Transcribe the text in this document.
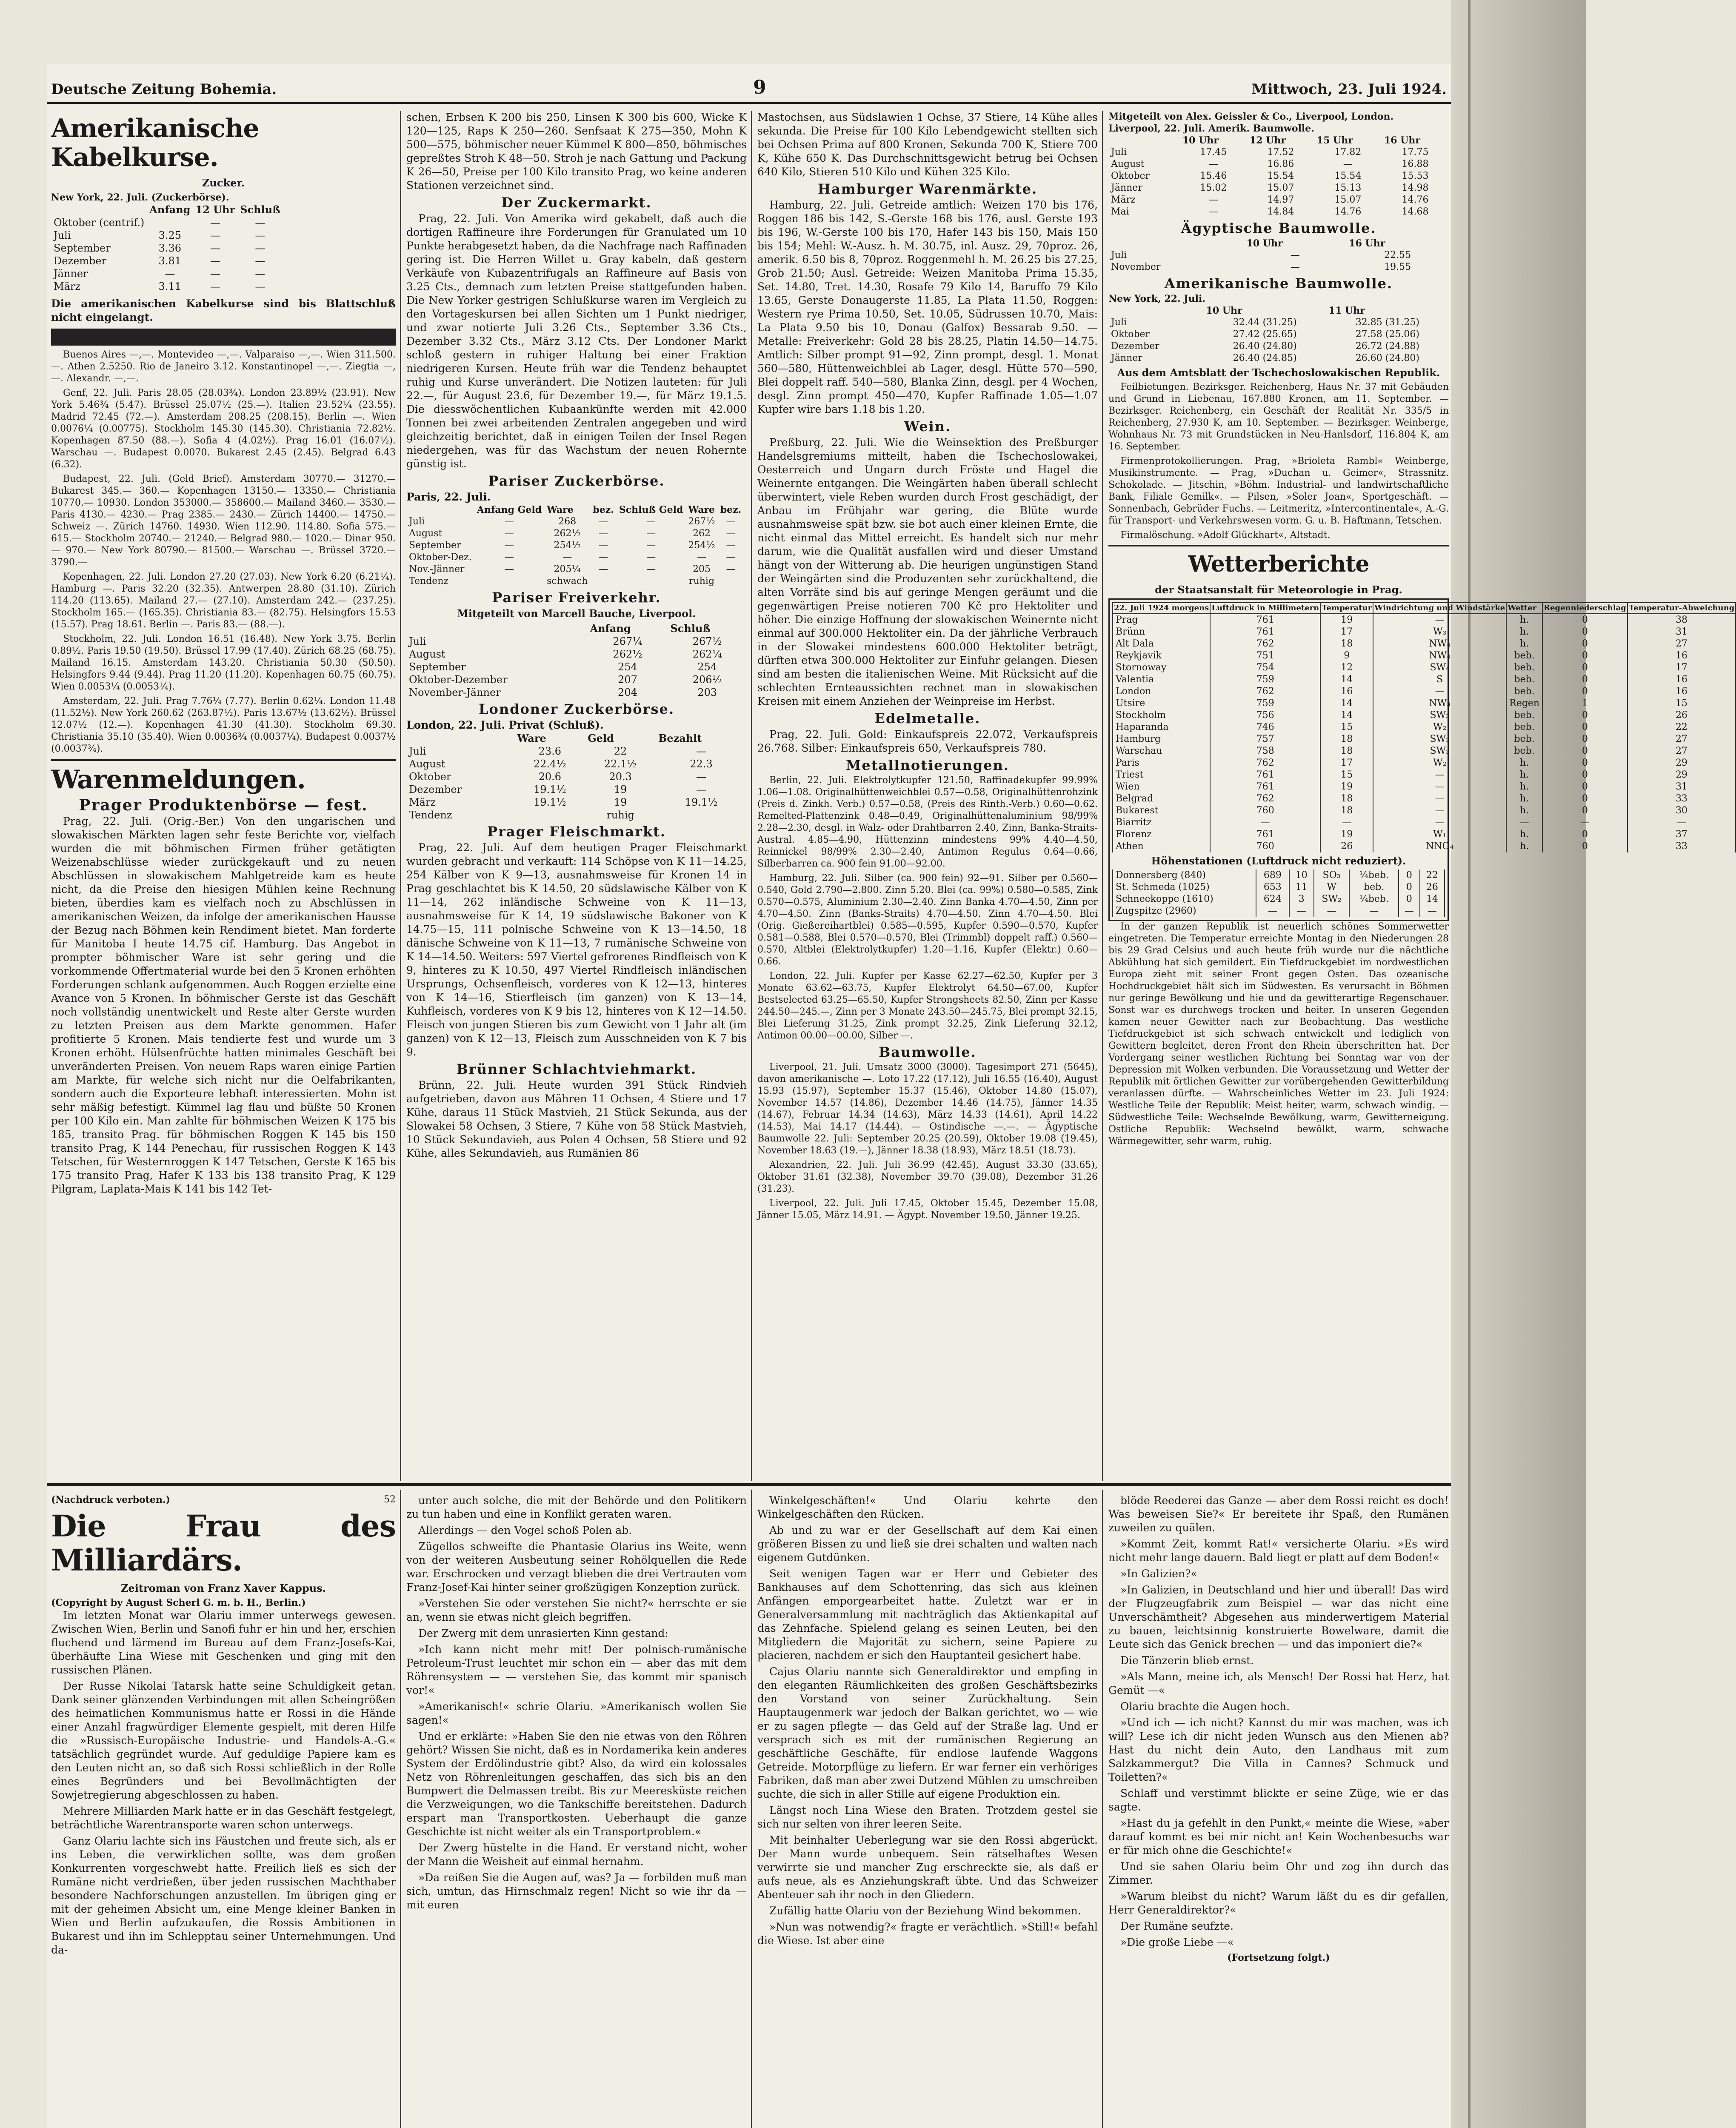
Deutsche Zeitung Bohemia.	9	Mittwoch, 23. Juli 1924.
Amerikanische Kabelkurse.
Zucker.
New York, 22. Juli. (Zuckerbörse).
	Anfang	12 Uhr	Schluß
Oktober (centrif.)		—	—
Juli	3.25	—	—
September	3.36	—	—
Dezember	3.81	—	—
Jänner	—	—	—
März	3.11	—	—
Die amerikanischen Kabelkurse sind bis Blattschluß nicht eingelangt.

Buenos Aires —,—. Montevideo —,—. Valparaiso —,—. Wien 311.500.—. Athen 2.5250. Rio de Janeiro 3.12. Konstantinopel —,—. Ziegtia —,—. Alexandr. —,—.

Genf, 22. Juli. Paris 28.05 (28.03¾). London 23.89½ (23.91). New York 5.46¾ (5.47). Brüssel 25.07½ (25.—). Italien 23.52¼ (23.55). Madrid 72.45 (72.—). Amsterdam 208.25 (208.15). Berlin —. Wien 0.0076¼ (0.00775). Stockholm 145.30 (145.30). Christiania 72.82½. Kopenhagen 87.50 (88.—). Sofia 4 (4.02½). Prag 16.01 (16.07½). Warschau —. Budapest 0.0070. Bukarest 2.45 (2.45). Belgrad 6.43 (6.32).

Budapest, 22. Juli. (Geld Brief). Amsterdam 30770.— 31270.— Bukarest 345.— 360.— Kopenhagen 13150.— 13350.— Christiania 10770.— 10930. London 353000.— 358600.— Mailand 3460.— 3530.— Paris 4130.— 4230.— Prag 2385.— 2430.— Zürich 14400.— 14750.— Schweiz —. Zürich 14760. 14930. Wien 112.90. 114.80. Sofia 575.— 615.— Stockholm 20740.— 21240.— Belgrad 980.— 1020.— Dinar 950.— 970.— New York 80790.— 81500.— Warschau —. Brüssel 3720.— 3790.—

Kopenhagen, 22. Juli. London 27.20 (27.03). New York 6.20 (6.21¼). Hamburg —. Paris 32.20 (32.35). Antwerpen 28.80 (31.10). Zürich 114.20 (113.65). Mailand 27.— (27.10). Amsterdam 242.— (237.25). Stockholm 165.— (165.35). Christiania 83.— (82.75). Helsingfors 15.53 (15.57). Prag 18.61. Berlin —. Paris 83.— (88.—).

Stockholm, 22. Juli. London 16.51 (16.48). New York 3.75. Berlin 0.89½. Paris 19.50 (19.50). Brüssel 17.99 (17.40). Zürich 68.25 (68.75). Mailand 16.15. Amsterdam 143.20. Christiania 50.30 (50.50). Helsingfors 9.44 (9.44). Prag 11.20 (11.20). Kopenhagen 60.75 (60.75). Wien 0.0053¼ (0.0053¼).

Amsterdam, 22. Juli. Prag 7.76¼ (7.77). Berlin 0.62¼. London 11.48 (11.52½). New York 260.62 (263.87½). Paris 13.67½ (13.62½). Brüssel 12.07½ (12.—). Kopenhagen 41.30 (41.30). Stockholm 69.30. Christiania 35.10 (35.40). Wien 0.0036¾ (0.0037¼). Budapest 0.0037½ (0.0037¾).

Warenmeldungen.
Prager Produktenbörse — fest.

Prag, 22. Juli. (Orig.-Ber.) Von den ungarischen und slowakischen Märkten lagen sehr feste Berichte vor, vielfach wurden die mit böhmischen Firmen früher getätigten Weizenabschlüsse wieder zurückgekauft und zu neuen Abschlüssen in slowakischem Mahlgetreide kam es heute nicht, da die Preise den hiesigen Mühlen keine Rechnung bieten, überdies kam es vielfach noch zu Abschlüssen in amerikanischen Weizen, da infolge der amerikanischen Hausse der Bezug nach Böhmen kein Rendiment bietet. Man forderte für Manitoba I heute 14.75 cif. Hamburg. Das Angebot in prompter böhmischer Ware ist sehr gering und die vorkommende Offertmaterial wurde bei den 5 Kronen erhöhten Forderungen schlank aufgenommen. Auch Roggen erzielte eine Avance von 5 Kronen. In böhmischer Gerste ist das Geschäft noch vollständig unentwickelt und Reste alter Gerste wurden zu letzten Preisen aus dem Markte genommen. Hafer profitierte 5 Kronen. Mais tendierte fest und wurde um 3 Kronen erhöht. Hülsenfrüchte hatten minimales Geschäft bei unveränderten Preisen. Von neuem Raps waren einige Partien am Markte, für welche sich nicht nur die Oelfabrikanten, sondern auch die Exporteure lebhaft interessierten. Mohn ist sehr mäßig befestigt. Kümmel lag flau und büßte 50 Kronen per 100 Kilo ein. Man zahlte für böhmischen Weizen K 175 bis 185, transito Prag. für böhmischen Roggen K 145 bis 150 transito Prag, K 144 Penechau, für russischen Roggen K 143 Tetschen, für Westernroggen K 147 Tetschen, Gerste K 165 bis 175 transito Prag, Hafer K 133 bis 138 transito Prag, K 129 Pilgram, Laplata-Mais K 141 bis 142 Tet-

schen, Erbsen K 200 bis 250, Linsen K 300 bis 600, Wicke K 120—125, Raps K 250—260. Senfsaat K 275—350, Mohn K 500—575, böhmischer neuer Kümmel K 800—850, böhmisches gepreßtes Stroh K 48—50. Stroh je nach Gattung und Packung K 26—50, Preise per 100 Kilo transito Prag, wo keine anderen Stationen verzeichnet sind.

Der Zuckermarkt.

Prag, 22. Juli. Von Amerika wird gekabelt, daß auch die dortigen Raffineure ihre Forderungen für Granulated um 10 Punkte herabgesetzt haben, da die Nachfrage nach Raffinaden gering ist. Die Herren Willet u. Gray kabeln, daß gestern Verkäufe von Kubazentrifugals an Raffineure auf Basis von 3.25 Cts., demnach zum letzten Preise stattgefunden haben. Die New Yorker gestrigen Schlußkurse waren im Vergleich zu den Vortageskursen bei allen Sichten um 1 Punkt niedriger, und zwar notierte Juli 3.26 Cts., September 3.36 Cts., Dezember 3.32 Cts., März 3.12 Cts. Der Londoner Markt schloß gestern in ruhiger Haltung bei einer Fraktion niedrigeren Kursen. Heute früh war die Tendenz behauptet ruhig und Kurse unverändert. Die Notizen lauteten: für Juli 22.—, für August 23.6, für Dezember 19.—, für März 19.1.5. Die diesswöchentlichen Kubaankünfte werden mit 42.000 Tonnen bei zwei arbeitenden Zentralen angegeben und wird gleichzeitig berichtet, daß in einigen Teilen der Insel Regen niedergehen, was für das Wachstum der neuen Rohernte günstig ist.

Pariser Zuckerbörse.
Paris, 22. Juli.
	Anfang Geld	Ware	bez.	Schluß Geld	Ware	bez.
Juli	—	268	—	—	267½	—
August	—	262½	—	—	262	—
September	—	254½	—	—	254½	—
Oktober-Dez.	—	—	—	—	—	—
Nov.-Jänner	—	205¼	—	—	205	—
Tendenz		schwach			ruhig	
Pariser Freiverkehr.
Mitgeteilt von Marcell Bauche, Liverpool.
	Anfang	Schluß
Juli	267¼	267½
August	262½	262¼
September	254	254
Oktober-Dezember	207	206½
November-Jänner	204	203
Londoner Zuckerbörse.
London, 22. Juli. Privat (Schluß).
	Ware	Geld	Bezahlt
Juli	23.6	22	—
August	22.4½	22.1½	22.3
Oktober	20.6	20.3	—
Dezember	19.1½	19	—
März	19.1½	19	19.1½
Tendenz		ruhig	
Prager Fleischmarkt.

Prag, 22. Juli. Auf dem heutigen Prager Fleischmarkt wurden gebracht und verkauft: 114 Schöpse von K 11—14.25, 254 Kälber von K 9—13, ausnahmsweise für Kronen 14 in Prag geschlachtet bis K 14.50, 20 südslawische Kälber von K 11—14, 262 inländische Schweine von K 11—13, ausnahmsweise für K 14, 19 südslawische Bakoner von K 14.75—15, 111 polnische Schweine von K 13—14.50, 18 dänische Schweine von K 11—13, 7 rumänische Schweine von K 14—14.50. Weiters: 597 Viertel gefrorenes Rindfleisch von K 9, hinteres zu K 10.50, 497 Viertel Rindfleisch inländischen Ursprungs, Ochsenfleisch, vorderes von K 12—13, hinteres von K 14—16, Stierfleisch (im ganzen) von K 13—14, Kuhfleisch, vorderes von K 9 bis 12, hinteres von K 12—14.50. Fleisch von jungen Stieren bis zum Gewicht von 1 Jahr alt (im ganzen) von K 12—13, Fleisch zum Ausschneiden von K 7 bis 9.

Brünner Schlachtviehmarkt.

Brünn, 22. Juli. Heute wurden 391 Stück Rindvieh aufgetrieben, davon aus Mähren 11 Ochsen, 4 Stiere und 17 Kühe, daraus 11 Stück Mastvieh, 21 Stück Sekunda, aus der Slowakei 58 Ochsen, 3 Stiere, 7 Kühe von 58 Stück Mastvieh, 10 Stück Sekundavieh, aus Polen 4 Ochsen, 58 Stiere und 92 Kühe, alles Sekundavieh, aus Rumänien 86

Mastochsen, aus Südslawien 1 Ochse, 37 Stiere, 14 Kühe alles sekunda. Die Preise für 100 Kilo Lebendgewicht stellten sich bei Ochsen Prima auf 800 Kronen, Sekunda 700 K, Stiere 700 K, Kühe 650 K. Das Durchschnittsgewicht betrug bei Ochsen 640 Kilo, Stieren 510 Kilo und Kühen 325 Kilo.

Hamburger Warenmärkte.

Hamburg, 22. Juli. Getreide amtlich: Weizen 170 bis 176, Roggen 186 bis 142, S.-Gerste 168 bis 176, ausl. Gerste 193 bis 196, W.-Gerste 100 bis 170, Hafer 143 bis 150, Mais 150 bis 154; Mehl: W.-Ausz. h. M. 30.75, inl. Ausz. 29, 70proz. 26, amerik. 6.50 bis 8, 70proz. Roggenmehl h. M. 26.25 bis 27.25, Grob 21.50; Ausl. Getreide: Weizen Manitoba Prima 15.35, Set. 14.80, Tret. 14.30, Rosafe 79 Kilo 14, Baruffo 79 Kilo 13.65, Gerste Donaugerste 11.85, La Plata 11.50, Roggen: Western rye Prima 10.50, Set. 10.05, Südrussen 10.70, Mais: La Plata 9.50 bis 10, Donau (Galfox) Bessarab 9.50. — Metalle: Freiverkehr: Gold 28 bis 28.25, Platin 14.50—14.75. Amtlich: Silber prompt 91—92, Zinn prompt, desgl. 1. Monat 560—580, Hüttenweichblei ab Lager, desgl. Hütte 570—590, Blei doppelt raff. 540—580, Blanka Zinn, desgl. per 4 Wochen, desgl. Zinn prompt 450—470, Kupfer Raffinade 1.05—1.07 Kupfer wire bars 1.18 bis 1.20.

Wein.

Preßburg, 22. Juli. Wie die Weinsektion des Preßburger Handelsgremiums mitteilt, haben die Tschechoslowakei, Oesterreich und Ungarn durch Fröste und Hagel die Weinernte entgangen. Die Weingärten haben überall schlecht überwintert, viele Reben wurden durch Frost geschädigt, der Anbau im Frühjahr war gering, die Blüte wurde ausnahmsweise spät bzw. sie bot auch einer kleinen Ernte, die nicht einmal das Mittel erreicht. Es handelt sich nur mehr darum, wie die Qualität ausfallen wird und dieser Umstand hängt von der Witterung ab. Die heurigen ungünstigen Stand der Weingärten sind die Produzenten sehr zurückhaltend, die alten Vorräte sind bis auf geringe Mengen geräumt und die gegenwärtigen Preise notieren 700 Kč pro Hektoliter und höher. Die einzige Hoffnung der slowakischen Weinernte nicht einmal auf 300.000 Hektoliter ein. Da der jährliche Verbrauch in der Slowakei mindestens 600.000 Hektoliter beträgt, dürften etwa 300.000 Hektoliter zur Einfuhr gelangen. Diesen sind am besten die italienischen Weine. Mit Rücksicht auf die schlechten Ernteaussichten rechnet man in slowakischen Kreisen mit einem Anziehen der Weinpreise im Herbst.

Edelmetalle.

Prag, 22. Juli. Gold: Einkaufspreis 22.072, Verkaufspreis 26.768. Silber: Einkaufspreis 650, Verkaufspreis 780.

Metallnotierungen.

Berlin, 22. Juli. Elektrolytkupfer 121.50, Raffinadekupfer 99.99% 1.06—1.08. Originalhüttenweichblei 0.57—0.58, Originalhüttenrohzink (Preis d. Zinkh. Verb.) 0.57—0.58, (Preis des Rinth.-Verb.) 0.60—0.62. Remelted-Plattenzink 0.48—0.49, Originalhüttenaluminium 98/99% 2.28—2.30, desgl. in Walz- oder Drahtbarren 2.40, Zinn, Banka-Straits-Austral. 4.85—4.90, Hüttenzinn mindestens 99% 4.40—4.50, Reinnickel 98/99% 2.30—2.40, Antimon Regulus 0.64—0.66, Silberbarren ca. 900 fein 91.00—92.00.

Hamburg, 22. Juli. Silber (ca. 900 fein) 92—91. Silber per 0.560—0.540, Gold 2.790—2.800. Zinn 5.20. Blei (ca. 99%) 0.580—0.585, Zink 0.570—0.575, Aluminium 2.30—2.40. Zinn Banka 4.70—4.50, Zinn per 4.70—4.50. Zinn (Banks-Straits) 4.70—4.50. Zinn 4.70—4.50. Blei (Orig. Gießereihartblei) 0.585—0.595, Kupfer 0.590—0.570, Kupfer 0.581—0.588, Blei 0.570—0.570, Blei (Trimmbl) doppelt raff.) 0.560—0.570, Altblei (Elektrolytkupfer) 1.20—1.16, Kupfer (Elektr.) 0.60—0.66.

London, 22. Juli. Kupfer per Kasse 62.27—62.50, Kupfer per 3 Monate 63.62—63.75, Kupfer Elektrolyt 64.50—67.00, Kupfer Bestselected 63.25—65.50, Kupfer Strongsheets 82.50, Zinn per Kasse 244.50—245.—, Zinn per 3 Monate 243.50—245.75, Blei prompt 32.15, Blei Lieferung 31.25, Zink prompt 32.25, Zink Lieferung 32.12, Antimon 00.00—00.00, Silber —.

Baumwolle.

Liverpool, 21. Juli. Umsatz 3000 (3000). Tagesimport 271 (5645), davon amerikanische —. Loto 17.22 (17.12), Juli 16.55 (16.40), August 15.93 (15.97), September 15.37 (15.46), Oktober 14.80 (15.07), November 14.57 (14.86), Dezember 14.46 (14.75), Jänner 14.35 (14.67), Februar 14.34 (14.63), März 14.33 (14.61), April 14.22 (14.53), Mai 14.17 (14.44). — Ostindische —.—. — Ägyptische Baumwolle 22. Juli: September 20.25 (20.59), Oktober 19.08 (19.45), November 18.63 (19.—), Jänner 18.38 (18.93), März 18.51 (18.73).

Alexandrien, 22. Juli. Juli 36.99 (42.45), August 33.30 (33.65), Oktober 31.61 (32.38), November 39.70 (39.08), Dezember 31.26 (31.23).

Liverpool, 22. Juli. Juli 17.45, Oktober 15.45, Dezember 15.08, Jänner 15.05, März 14.91. — Ägypt. November 19.50, Jänner 19.25.

Mitgeteilt von Alex. Geissler & Co., Liverpool, London.
Liverpool, 22. Juli. Amerik. Baumwolle.
	10 Uhr	12 Uhr	15 Uhr	16 Uhr
Juli	17.45	17.52	17.82	17.75
August	—	16.86	—	16.88
Oktober	15.46	15.54	15.54	15.53
Jänner	15.02	15.07	15.13	14.98
März	—	14.97	15.07	14.76
Mai	—	14.84	14.76	14.68
Ägyptische Baumwolle.
	10 Uhr	16 Uhr
Juli	—	22.55
November	—	19.55
Amerikanische Baumwolle.
New York, 22. Juli.
	10 Uhr	11 Uhr
Juli	32.44 (31.25)	32.85 (31.25)
Oktober	27.42 (25.65)	27.58 (25.06)
Dezember	26.40 (24.80)	26.72 (24.88)
Jänner	26.40 (24.85)	26.60 (24.80)
Aus dem Amtsblatt der Tschechoslowakischen Republik.

Feilbietungen. Bezirksger. Reichenberg, Haus Nr. 37 mit Gebäuden und Grund in Liebenau, 167.880 Kronen, am 11. September. — Bezirksger. Reichenberg, ein Geschäft der Realität Nr. 335/5 in Reichenberg, 27.930 K, am 10. September. — Bezirksger. Weinberge, Wohnhaus Nr. 73 mit Grundstücken in Neu-Hanlsdorf, 116.804 K, am 16. September.

Firmenprotokollierungen. Prag, »Brioleta Rambl« Weinberge, Musikinstrumente. — Prag, »Duchan u. Geimer«, Strassnitz. Schokolade. — Jitschin, »Böhm. Industrial- und landwirtschaftliche Bank, Filiale Gemilk«. — Pilsen, »Soler Joan«, Sportgeschäft. — Sonnenbach, Gebrüder Fuchs. — Leitmeritz, »Intercontinentale«, A.-G. für Transport- und Verkehrswesen vorm. G. u. B. Haftmann, Tetschen.

Firmalöschung. »Adolf Glückhart«, Altstadt.

Wetterberichte
der Staatsanstalt für Meteorologie in Prag.
22. Juli 1924 morgens	Luftdruck in Millimetern	Temperatur	Windrichtung und Windstärke	Wetter	Regenniederschlag	Temperatur-Abweichung
Prag	761	19	—	h.	0	38
Brünn	761	17	W₃	h.	0	31
Alt Dala	762	18	NW₄	h.	0	27
Reykjavik	751	9	NW₄	beb.	0	16
Stornoway	754	12	SW₄	beb.	0	17
Valentia	759	14	S	beb.	0	16
London	762	16	—	beb.	0	16
Utsire	759	14	NW₃	Regen	1	15
Stockholm	756	14	SW₃	beb.	0	26
Haparanda	746	15	W₂	beb.	0	22
Hamburg	757	18	SW₃	beb.	0	27
Warschau	758	18	SW₃	beb.	0	27
Paris	762	17	W₂	h.	0	29
Triest	761	15	—	h.	0	29
Wien	761	19	—	h.	0	31
Belgrad	762	18	—	h.	0	33
Bukarest	760	18	—	h.	0	30
Biarritz	—	—	—	—	—	—
Florenz	761	19	W₁	h.	0	37
Athen	760	26	NNO₄	h.	0	33
Höhenstationen (Luftdruck nicht reduziert).
Donnersberg (840)	689	10	SO₃	¼beb.	0	22
St. Schmeda (1025)	653	11	W	beb.	0	26
Schneekoppe (1610)	624	3	SW₂	¼beb.	0	14
Zugspitze (2960)	—	—	—	—	—	—

In der ganzen Republik ist neuerlich schönes Sommerwetter eingetreten. Die Temperatur erreichte Montag in den Niederungen 28 bis 29 Grad Celsius und auch heute früh wurde nur die nächtliche Abkühlung hat sich gemildert. Ein Tiefdruckgebiet im nordwestlichen Europa zieht mit seiner Front gegen Osten. Das ozeanische Hochdruckgebiet hält sich im Südwesten. Es verursacht in Böhmen nur geringe Bewölkung und hie und da gewitterartige Regenschauer. Sonst war es durchwegs trocken und heiter. In unseren Gegenden kamen neuer Gewitter nach zur Beobachtung. Das westliche Tiefdruckgebiet ist sich schwach entwickelt und lediglich von Gewittern begleitet, deren Front den Rhein überschritten hat. Der Vordergang seiner westlichen Richtung bei Sonntag war von der Depression mit Wolken verbunden. Die Voraussetzung und Wetter der Republik mit örtlichen Gewitter zur vorübergehenden Gewitterbildung veranlassen dürfte. — Wahrscheinliches Wetter im 23. Juli 1924: Westliche Teile der Republik: Meist heiter, warm, schwach windig. — Südwestliche Teile: Wechselnde Bewölkung, warm, Gewitterneigung. Ostliche Republik: Wechselnd bewölkt, warm, schwache Wärmegewitter, sehr warm, ruhig.

(Nachdruck verboten.)	52
Die Frau des Milliardärs.
Zeitroman von Franz Xaver Kappus.
(Copyright by August Scherl G. m. b. H., Berlin.)

Im letzten Monat war Olariu immer unterwegs gewesen. Zwischen Wien, Berlin und Sanofi fuhr er hin und her, erschien fluchend und lärmend im Bureau auf dem Franz-Josefs-Kai, überhäufte Lina Wiese mit Geschenken und ging mit den russischen Plänen.

Der Russe Nikolai Tatarsk hatte seine Schuldigkeit getan. Dank seiner glänzenden Verbindungen mit allen Scheingrößen des heimatlichen Kommunismus hatte er Rossi in die Hände einer Anzahl fragwürdiger Elemente gespielt, mit deren Hilfe die »Russisch-Europäische Industrie- und Handels-A.-G.« tatsächlich gegründet wurde. Auf geduldige Papiere kam es den Leuten nicht an, so daß sich Rossi schließlich in der Rolle eines Begründers und bei Bevollmächtigten der Sowjetregierung abgeschlossen zu haben.

Mehrere Milliarden Mark hatte er in das Geschäft festgelegt, beträchtliche Warentransporte waren schon unterwegs.

Ganz Olariu lachte sich ins Fäustchen und freute sich, als er ins Leben, die verwirklichen sollte, was dem großen Konkurrenten vorgeschwebt hatte. Freilich ließ es sich der Rumäne nicht verdrießen, über jeden russischen Machthaber besondere Nachforschungen anzustellen. Im übrigen ging er mit der geheimen Absicht um, eine Menge kleiner Banken in Wien und Berlin aufzukaufen, die Rossis Ambitionen in Bukarest und ihn im Schlepptau seiner Unternehmungen. Und da-

unter auch solche, die mit der Behörde und den Politikern zu tun haben und eine in Konflikt geraten waren.

Allerdings — den Vogel schoß Polen ab.

Zügellos schweifte die Phantasie Olarius ins Weite, wenn von der weiteren Ausbeutung seiner Rohölquellen die Rede war. Erschrocken und verzagt blieben die drei Vertrauten vom Franz-Josef-Kai hinter seiner großzügigen Konzeption zurück.

»Verstehen Sie oder verstehen Sie nicht?« herrschte er sie an, wenn sie etwas nicht gleich begriffen.

Der Zwerg mit dem unrasierten Kinn gestand:

»Ich kann nicht mehr mit! Der polnisch-rumänische Petroleum-Trust leuchtet mir schon ein — aber das mit dem Röhrensystem — — verstehen Sie, das kommt mir spanisch vor!«

»Amerikanisch!« schrie Olariu. »Amerikanisch wollen Sie sagen!«

Und er erklärte: »Haben Sie den nie etwas von den Röhren gehört? Wissen Sie nicht, daß es in Nordamerika kein anderes System der Erdölindustrie gibt? Also, da wird ein kolossales Netz von Röhrenleitungen geschaffen, das sich bis an den Bumpwert die Delmassen treibt. Bis zur Meeresküste reichen die Verzweigungen, wo die Tankschiffe bereitstehen. Dadurch erspart man Transportkosten. Ueberhaupt die ganze Geschichte ist nicht weiter als ein Transportproblem.«

Der Zwerg hüstelte in die Hand. Er verstand nicht, woher der Mann die Weisheit auf einmal hernahm.

»Da reißen Sie die Augen auf, was? Ja — forbilden muß man sich, umtun, das Hirnschmalz regen! Nicht so wie ihr da — mit euren

Winkelgeschäften!« Und Olariu kehrte den Winkelgeschäften den Rücken.

Ab und zu war er der Gesellschaft auf dem Kai einen größeren Bissen zu und ließ sie drei schalten und walten nach eigenem Gutdünken.

Seit wenigen Tagen war er Herr und Gebieter des Bankhauses auf dem Schottenring, das sich aus kleinen Anfängen emporgearbeitet hatte. Zuletzt war er in Generalversammlung mit nachträglich das Aktienkapital auf das Zehnfache. Spielend gelang es seinen Leuten, bei den Mitgliedern die Majorität zu sichern, seine Papiere zu placieren, nachdem er sich den Hauptanteil gesichert habe.

Cajus Olariu nannte sich Generaldirektor und empfing in den eleganten Räumlichkeiten des großen Geschäftsbezirks den Vorstand von seiner Zurückhaltung. Sein Hauptaugenmerk war jedoch der Balkan gerichtet, wo — wie er zu sagen pflegte — das Geld auf der Straße lag. Und er versprach sich es mit der rumänischen Regierung an geschäftliche Geschäfte, für endlose laufende Waggons Getreide. Motorpflüge zu liefern. Er war ferner ein verhöriges Fabriken, daß man aber zwei Dutzend Mühlen zu umschreiben suchte, die sich in aller Stille auf eigene Produktion ein.

Längst noch Lina Wiese den Braten. Trotzdem gestel sie sich nur selten von ihrer leeren Seite.

Mit beinhalter Ueberlegung war sie den Rossi abgerückt. Der Mann wurde unbequem. Sein rätselhaftes Wesen verwirrte sie und mancher Zug erschreckte sie, als daß er aufs neue, als es Anziehungskraft übte. Und das Schweizer Abenteuer sah ihr noch in den Gliedern.

Zufällig hatte Olariu von der Beziehung Wind bekommen.

»Nun was notwendig?« fragte er verächtlich. »Still!« befahl die Wiese. Ist aber eine

blöde Reederei das Ganze — aber dem Rossi reicht es doch! Was beweisen Sie?« Er bereitete ihr Spaß, den Rumänen zuweilen zu quälen.

»Kommt Zeit, kommt Rat!« versicherte Olariu. »Es wird nicht mehr lange dauern. Bald liegt er platt auf dem Boden!«

»In Galizien?«

»In Galizien, in Deutschland und hier und überall! Das wird der Flugzeugfabrik zum Beispiel — war das nicht eine Unverschämtheit? Abgesehen aus minderwertigem Material zu bauen, leichtsinnig konstruierte Bowelware, damit die Leute sich das Genick brechen — und das imponiert die?«

Die Tänzerin blieb ernst.

»Als Mann, meine ich, als Mensch! Der Rossi hat Herz, hat Gemüt —«

Olariu brachte die Augen hoch.

»Und ich — ich nicht? Kannst du mir was machen, was ich will? Lese ich dir nicht jeden Wunsch aus den Mienen ab? Hast du nicht dein Auto, den Landhaus mit zum Salzkammergut? Die Villa in Cannes? Schmuck und Toiletten?«

Schlaff und verstimmt blickte er seine Züge, wie er das sagte.

»Hast du ja gefehlt in den Punkt,« meinte die Wiese, »aber darauf kommt es bei mir nicht an! Kein Wochenbesuchs war er für mich ohne die Geschichte!«

Und sie sahen Olariu beim Ohr und zog ihn durch das Zimmer.

»Warum bleibst du nicht? Warum läßt du es dir gefallen, Herr Generaldirektor?«

Der Rumäne seufzte.

»Die große Liebe —«

(Fortsetzung folgt.)
